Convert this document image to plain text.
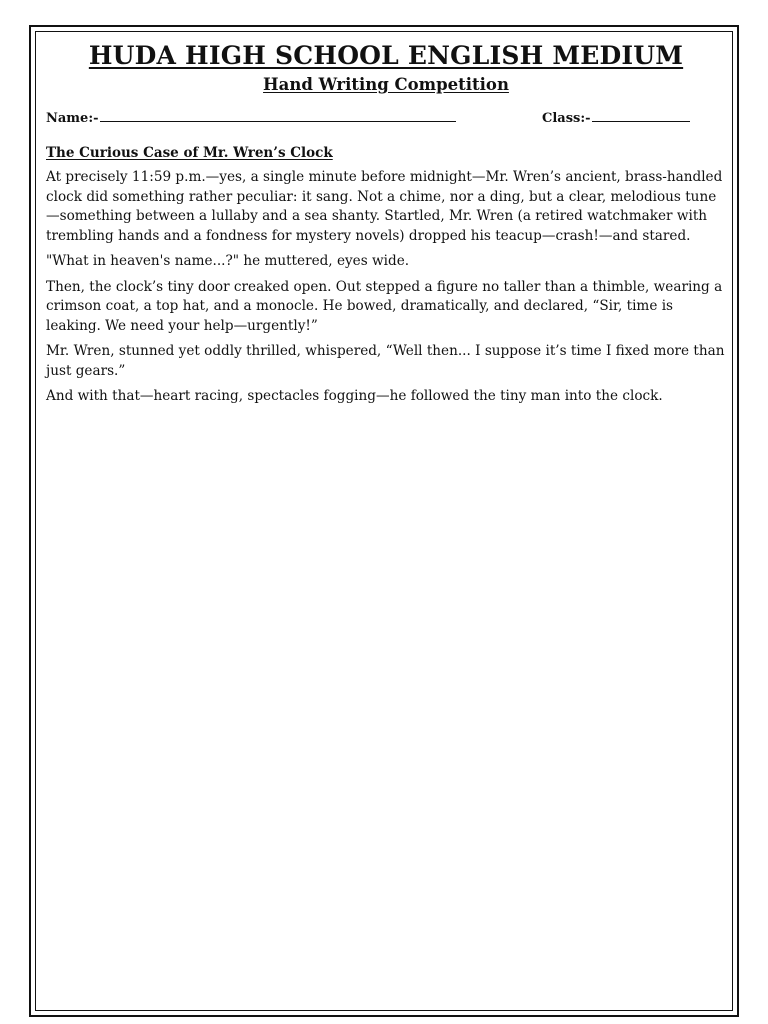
HUDA HIGH SCHOOL ENGLISH MEDIUM
Hand Writing Competition
Name:-	Class:-
The Curious Case of Mr. Wren’s Clock

At precisely 11:59 p.m.—yes, a single minute before midnight—Mr. Wren’s ancient, brass-handled clock did something rather peculiar: it sang. Not a chime, nor a ding, but a clear, melodious tune—something between a lullaby and a sea shanty. Startled, Mr. Wren (a retired watchmaker with trembling hands and a fondness for mystery novels) dropped his teacup—crash!—and stared.

"What in heaven's name...?" he muttered, eyes wide.

Then, the clock’s tiny door creaked open. Out stepped a figure no taller than a thimble, wearing a crimson coat, a top hat, and a monocle. He bowed, dramatically, and declared, “Sir, time is leaking. We need your help—urgently!”

Mr. Wren, stunned yet oddly thrilled, whispered, “Well then... I suppose it’s time I fixed more than just gears.”

And with that—heart racing, spectacles fogging—he followed the tiny man into the clock.
